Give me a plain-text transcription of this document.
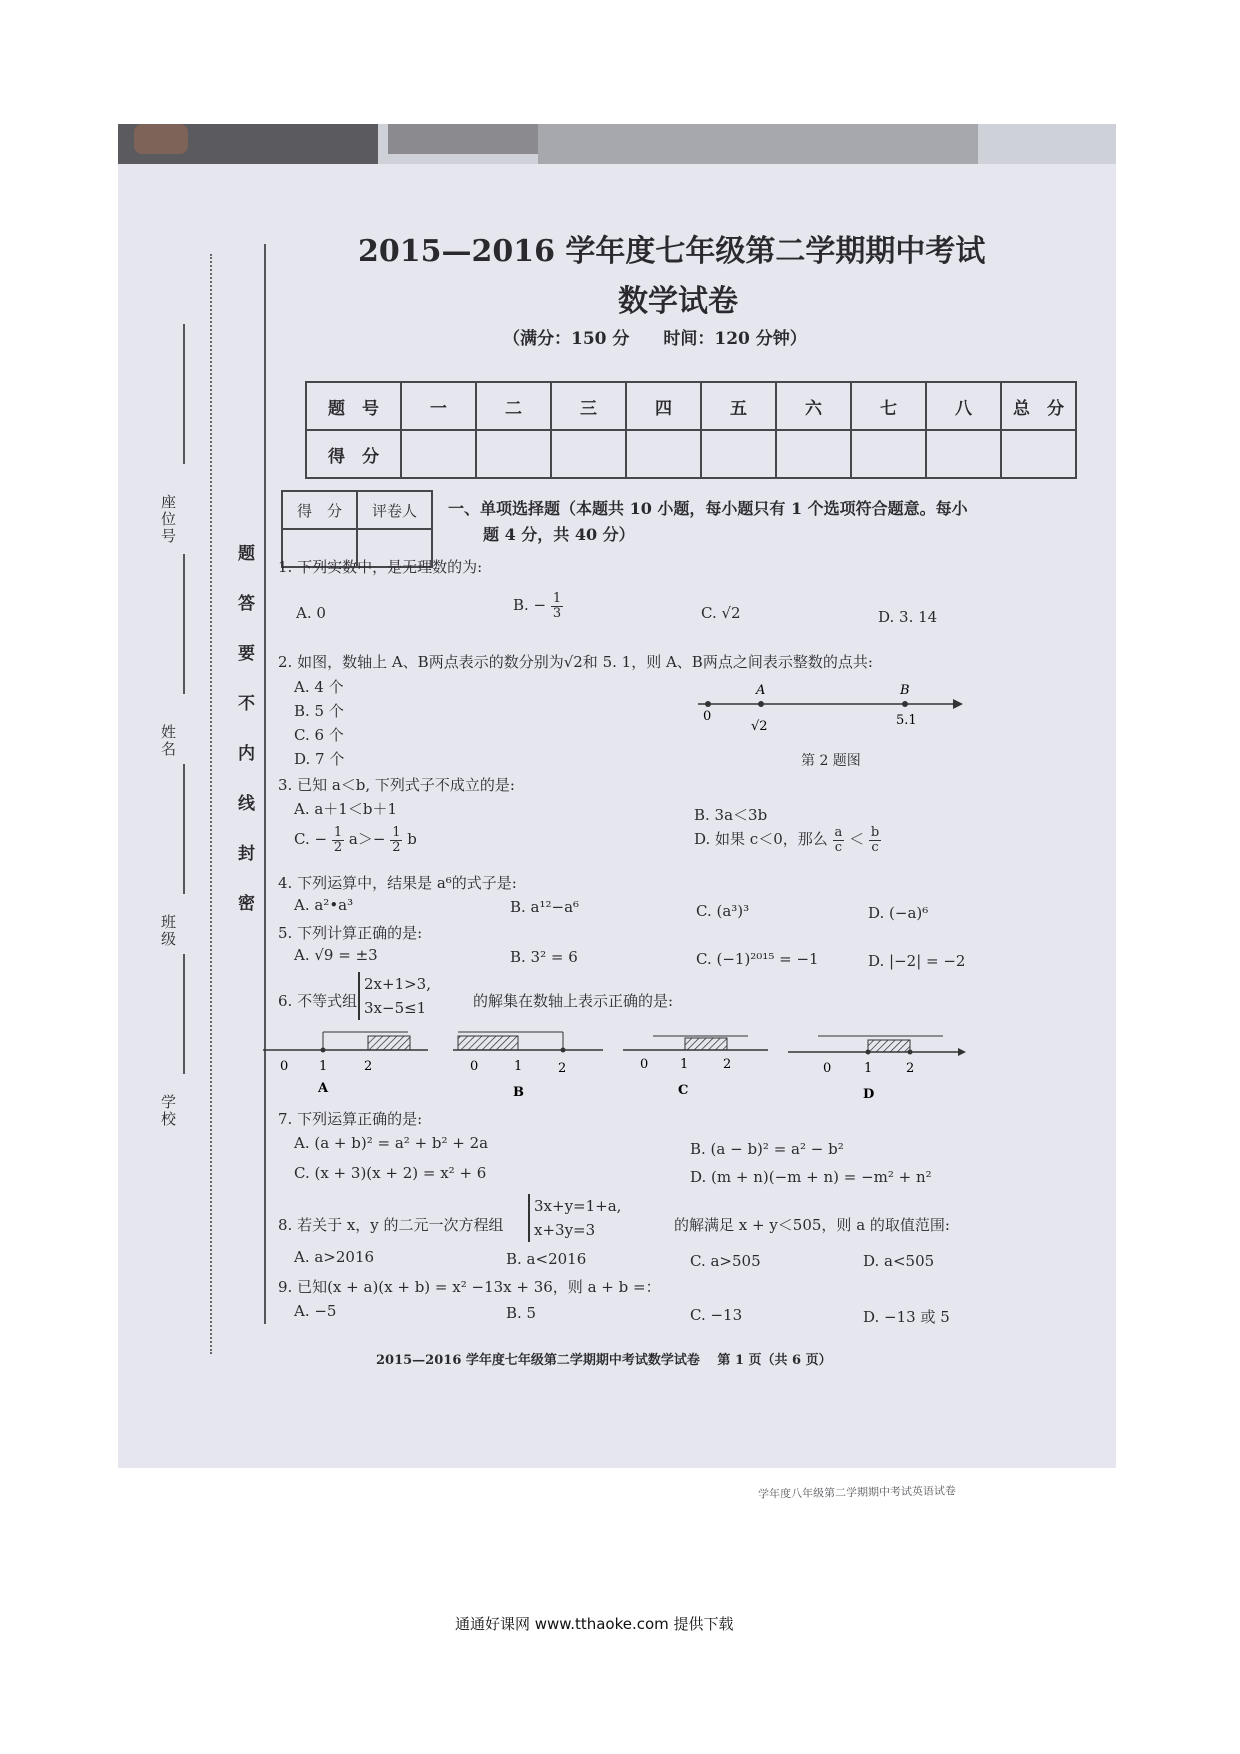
座位号
姓名
班级
学校
题
答
要
不
内
线
封
密
2015—2016 学年度七年级第二学期期中考试
数学试卷
（满分：150 分　　时间：120 分钟）
题　号	一	二	三	四	五	六	七	八	总　分
得　分									
得　分	评卷人
	一、单项选择题（本题共 10 小题，每小题只有 1 个选项符合题意。每小
题 4 分，共 40 分）
1. 下列实数中，是无理数的为:
A. 0	B. − $\frac{1}{3}$	C. √2	D. 3. 14
2. 如图，数轴上 A、B两点表示的数分别为√2和 5. 1，则 A、B两点之间表示整数的点共:
A. 4 个
B. 5 个
C. 6 个
D. 7 个
0
A
√2
B
5.1
第 2 题图
3. 已知 a＜b, 下列式子不成立的是:
A. a＋1＜b＋1	B. 3a＜3b
C. − $\frac{1}{2} a>- \frac{1}{2}$ b	D. 如果 c＜0，那么 $\frac{a}{c} < \frac{b}{c}$
4. 下列运算中，结果是 a⁶的式子是:
A. a²•a³	B. a¹²−a⁶	C. (a³)³	D. (−a)⁶
5. 下列计算正确的是:
A. √9 = ±3	B. 3² = 6	C. (−1)²⁰¹⁵ = −1	D. |−2| = −2
6. 不等式组
2x+1>3,
3x−5≤1	的解集在数轴上表示正确的是:
0 1	2
A
0	1	2
B
0 1	2
C
0	1	2
D
7. 下列运算正确的是:
A. (a + b)² = a² + b² + 2a	B. (a − b)² = a² − b²
C. (x + 3)(x + 2) = x² + 6	D. (m + n)(−m + n) = −m² + n²
8. 若关于 x，y 的二元一次方程组
3x+y=1+a,
x+3y=3	的解满足 x + y＜505，则 a 的取值范围:
A. a>2016	B. a<2016	C. a>505	D. a<505
9. 已知(x + a)(x + b) = x² −13x + 36，则 a + b =：
A. −5	B. 5	C. −13	D. −13 或 5
2015—2016 学年度七年级第二学期期中考试数学试卷　 第 1 页（共 6 页）
学年度八年级第二学期期中考试英语试卷
通通好课网 www.tthaoke.com 提供下载
